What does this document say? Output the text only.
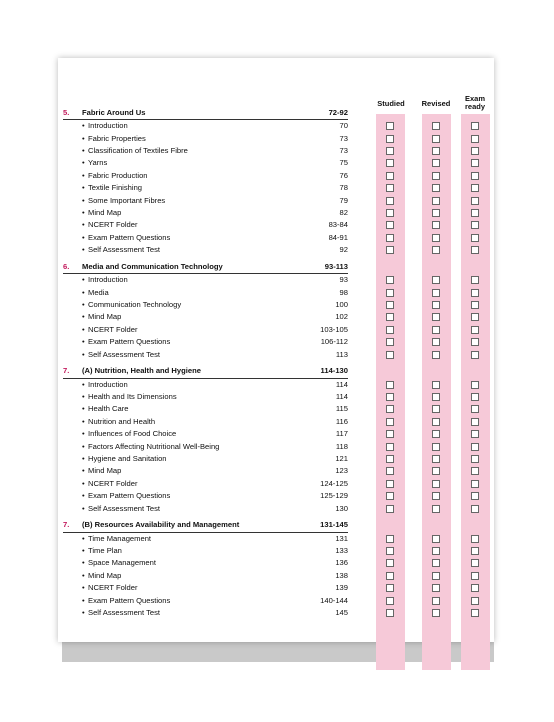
Studied	Revised
Exam
ready
5. Fabric Around Us	72-92
• Introduction	70
• Fabric Properties	73
• Classification of Textiles Fibre	73
• Yarns	75
• Fabric Production	76
• Textile Finishing	78
• Some Important Fibres	79
• Mind Map	82
• NCERT Folder	83-84
• Exam Pattern Questions	84-91
• Self Assessment Test	92
6. Media and Communication Technology	93-113
• Introduction	93
• Media	98
• Communication Technology	100
• Mind Map	102
• NCERT Folder	103-105
• Exam Pattern Questions	106-112
• Self Assessment Test	113
7. (A) Nutrition, Health and Hygiene	114-130
• Introduction	114
• Health and Its Dimensions	114
• Health Care	115
• Nutrition and Health	116
• Influences of Food Choice	117
• Factors Affecting Nutritional Well-Being	118
• Hygiene and Sanitation	121
• Mind Map	123
• NCERT Folder	124-125
• Exam Pattern Questions	125-129
• Self Assessment Test	130
7. (B) Resources Availability and Management	131-145
• Time Management	131
• Time Plan	133
• Space Management	136
• Mind Map	138
• NCERT Folder	139
• Exam Pattern Questions	140-144
• Self Assessment Test	145
